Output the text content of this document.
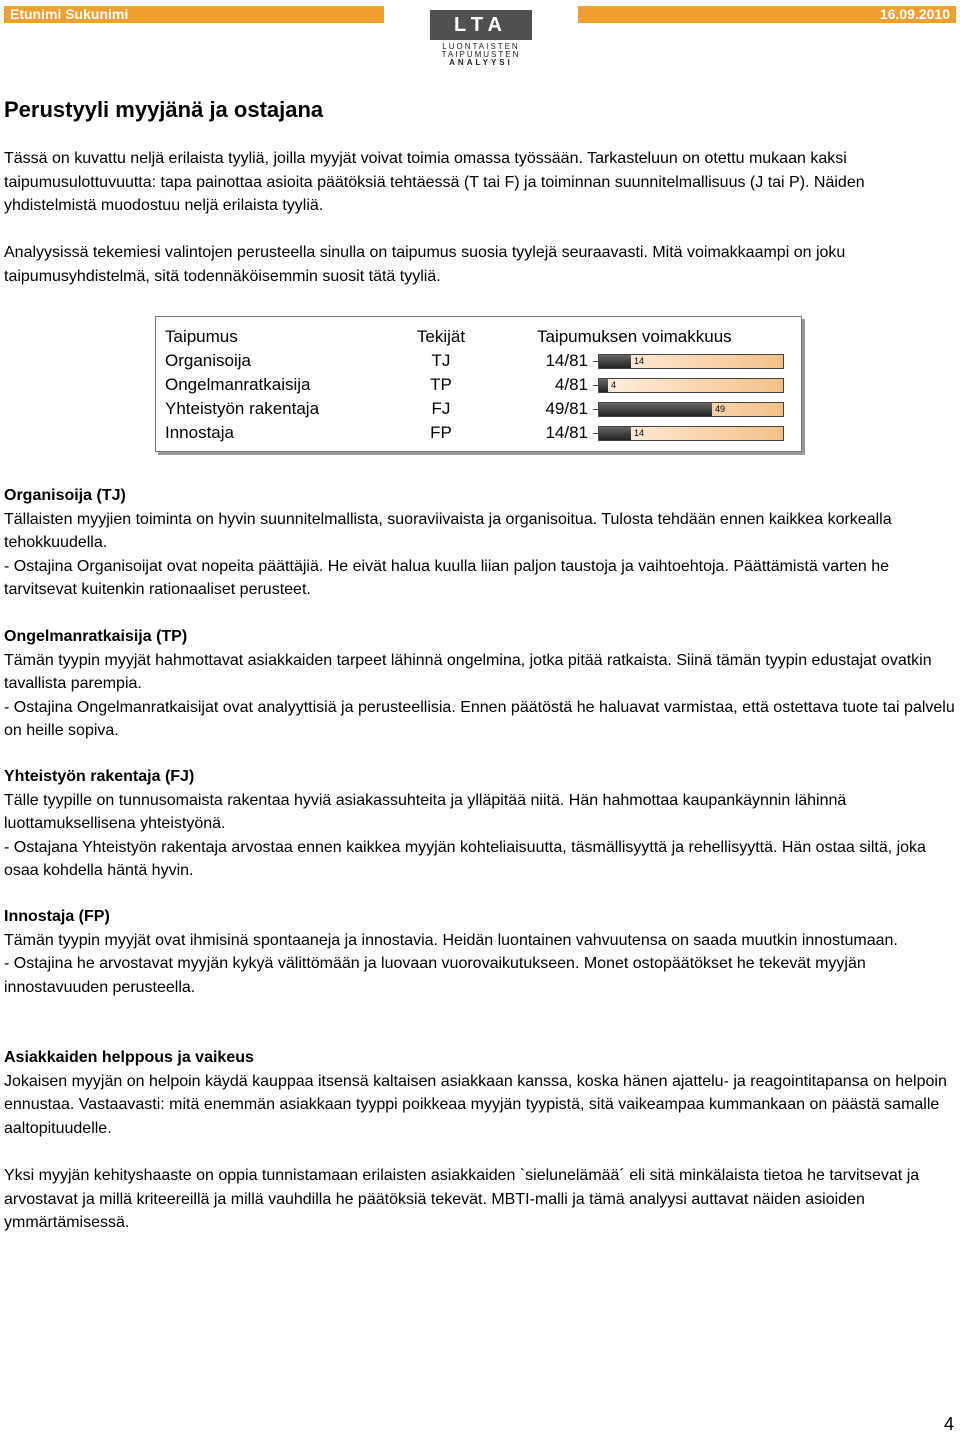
Etunimi Sukunimi	LTA
LUONTAISTEN
TAIPUMUSTEN
ANALYYSI
16.09.2010
Perustyyli myyjänä ja ostajana

Tässä on kuvattu neljä erilaista tyyliä, joilla myyjät voivat toimia omassa työssään. Tarkasteluun on otettu mukaan kaksi taipumusulottuvuutta: tapa painottaa asioita päätöksiä tehtäessä (T tai F) ja toiminnan suunnitelmallisuus (J tai P). Näiden yhdistelmistä muodostuu neljä erilaista tyyliä.

Analyysissä tekemiesi valintojen perusteella sinulla on taipumus suosia tyylejä seuraavasti. Mitä voimakkaampi on joku taipumusyhdistelmä, sitä todennäköisemmin suosit tätä tyyliä.

Taipumus	Tekijät	Taipumuksen voimakkuus
Organisoija	TJ	14/81	14
Ongelmanratkaisija	TP	4/81	4
Yhteistyön rakentaja	FJ	49/81	49
Innostaja	FP	14/81	14
Organisoija (TJ)

Tällaisten myyjien toiminta on hyvin suunnitelmallista, suoraviivaista ja organisoitua. Tulosta tehdään ennen kaikkea korkealla tehokkuudella.

- Ostajina Organisoijat ovat nopeita päättäjiä. He eivät halua kuulla liian paljon taustoja ja vaihtoehtoja. Päättämistä varten he tarvitsevat kuitenkin rationaaliset perusteet.

Ongelmanratkaisija (TP)

Tämän tyypin myyjät hahmottavat asiakkaiden tarpeet lähinnä ongelmina, jotka pitää ratkaista. Siinä tämän tyypin edustajat ovatkin tavallista parempia.

- Ostajina Ongelmanratkaisijat ovat analyyttisiä ja perusteellisia. Ennen päätöstä he haluavat varmistaa, että ostettava tuote tai palvelu on heille sopiva.

Yhteistyön rakentaja (FJ)

Tälle tyypille on tunnusomaista rakentaa hyviä asiakassuhteita ja ylläpitää niitä. Hän hahmottaa kaupankäynnin lähinnä luottamuksellisena yhteistyönä.

- Ostajana Yhteistyön rakentaja arvostaa ennen kaikkea myyjän kohteliaisuutta, täsmällisyyttä ja rehellisyyttä. Hän ostaa siltä, joka osaa kohdella häntä hyvin.

Innostaja (FP)

Tämän tyypin myyjät ovat ihmisinä spontaaneja ja innostavia. Heidän luontainen vahvuutensa on saada muutkin innostumaan.

- Ostajina he arvostavat myyjän kykyä välittömään ja luovaan vuorovaikutukseen. Monet ostopäätökset he tekevät myyjän innostavuuden perusteella.

Asiakkaiden helppous ja vaikeus

Jokaisen myyjän on helpoin käydä kauppaa itsensä kaltaisen asiakkaan kanssa, koska hänen ajattelu- ja reagointitapansa on helpoin ennustaa. Vastaavasti: mitä enemmän asiakkaan tyyppi poikkeaa myyjän tyypistä, sitä vaikeampaa kummankaan on päästä samalle aaltopituudelle.

Yksi myyjän kehityshaaste on oppia tunnistamaan erilaisten asiakkaiden `sielunelämää´ eli sitä minkälaista tietoa he tarvitsevat ja arvostavat ja millä kriteereillä ja millä vauhdilla he päätöksiä tekevät. MBTI-malli ja tämä analyysi auttavat näiden asioiden ymmärtämisessä.

4
